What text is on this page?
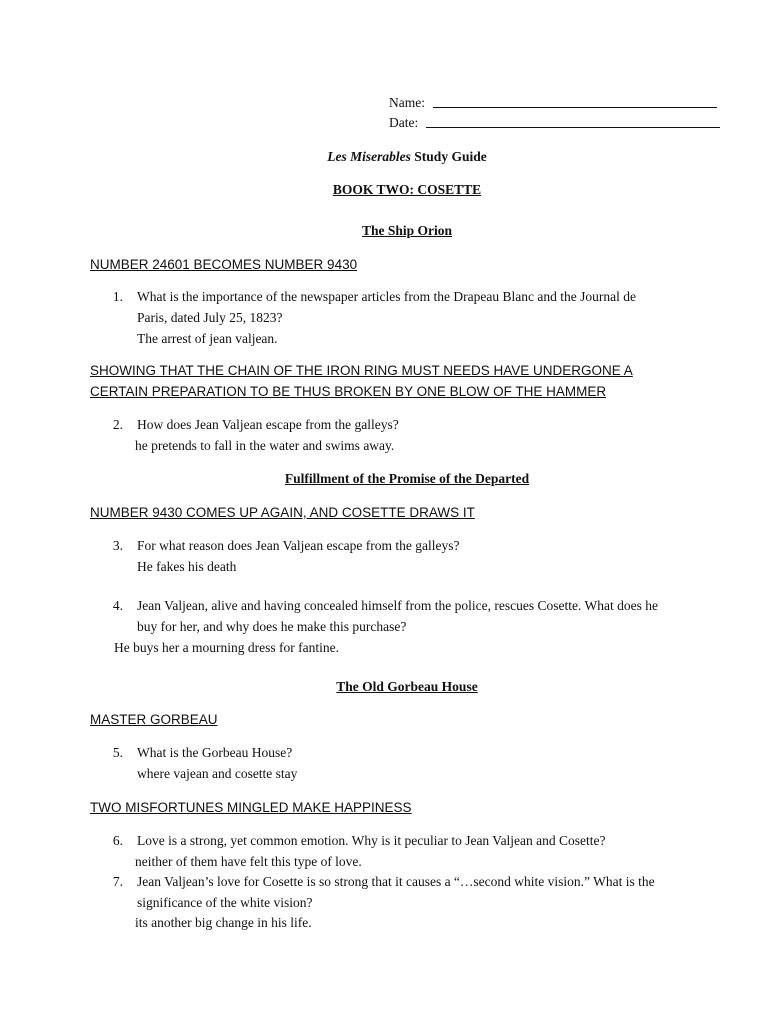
Name:
Date:
Les Miserables Study Guide
BOOK TWO: COSETTE
The Ship Orion
NUMBER 24601 BECOMES NUMBER 9430
1. What is the importance of the newspaper articles from the Drapeau Blanc and the Journal de
Paris, dated July 25, 1823?
The arrest of jean valjean.
SHOWING THAT THE CHAIN OF THE IRON RING MUST NEEDS HAVE UNDERGONE A
CERTAIN PREPARATION TO BE THUS BROKEN BY ONE BLOW OF THE HAMMER
2. How does Jean Valjean escape from the galleys?
he pretends to fall in the water and swims away.
Fulfillment of the Promise of the Departed
NUMBER 9430 COMES UP AGAIN, AND COSETTE DRAWS IT
3. For what reason does Jean Valjean escape from the galleys?
He fakes his death
4. Jean Valjean, alive and having concealed himself from the police, rescues Cosette. What does he
buy for her, and why does he make this purchase?
He buys her a mourning dress for fantine.
The Old Gorbeau House
MASTER GORBEAU
5. What is the Gorbeau House?
where vajean and cosette stay
TWO MISFORTUNES MINGLED MAKE HAPPINESS
6. Love is a strong, yet common emotion. Why is it peculiar to Jean Valjean and Cosette?
neither of them have felt this type of love.
7. Jean Valjean’s love for Cosette is so strong that it causes a “…second white vision.” What is the
significance of the white vision?
its another big change in his life.
